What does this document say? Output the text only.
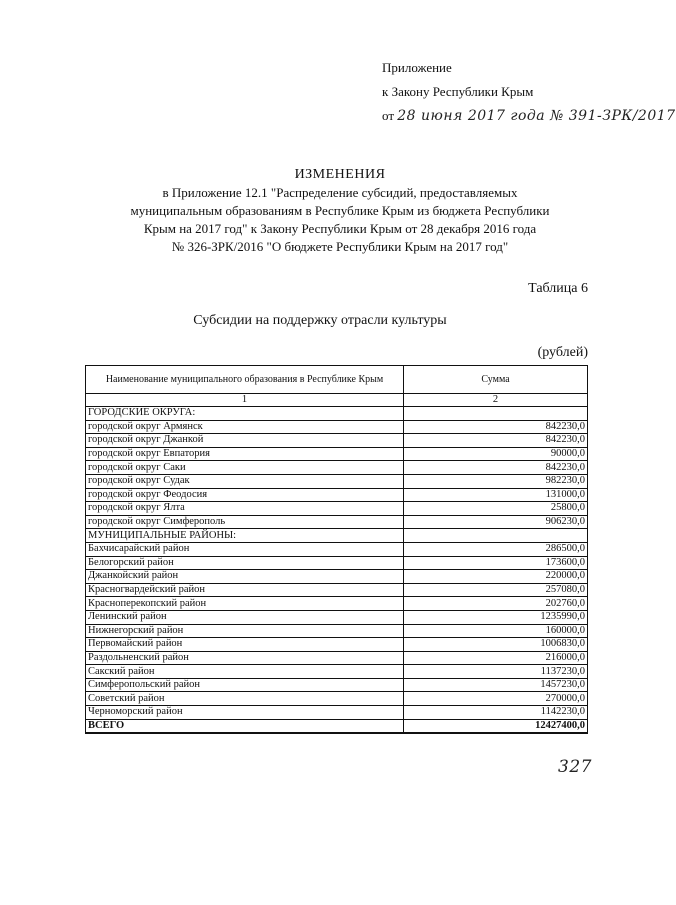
Приложение
к Закону Республики Крым
от 28 июня 2017 года № 391-ЗРК/2017
ИЗМЕНЕНИЯ
в Приложение 12.1 "Распределение субсидий, предоставляемых
муниципальным образованиям в Республике Крым из бюджета Республики
Крым на 2017 год" к Закону Республики Крым от 28 декабря 2016 года
№ 326-ЗРК/2016 "О бюджете Республики Крым на 2017 год"
Таблица 6
Субсидии на поддержку отрасли культуры
(рублей)
Наименование муниципального образования в Республике Крым	Сумма
1	2
ГОРОДСКИЕ ОКРУГА:	
городской округ Армянск	842230,0
городской округ Джанкой	842230,0
городской округ Евпатория	90000,0
городской округ Саки	842230,0
городской округ Судак	982230,0
городской округ Феодосия	131000,0
городской округ Ялта	25800,0
городской округ Симферополь	906230,0
МУНИЦИПАЛЬНЫЕ РАЙОНЫ:	
Бахчисарайский район	286500,0
Белогорский район	173600,0
Джанкойский район	220000,0
Красногвардейский район	257080,0
Красноперекопский район	202760,0
Ленинский район	1235990,0
Нижнегорский район	160000,0
Первомайский район	1006830,0
Раздольненский район	216000,0
Сакский район	1137230,0
Симферопольский район	1457230,0
Советский район	270000,0
Черноморский район	1142230,0
ВСЕГО	12427400,0
327
